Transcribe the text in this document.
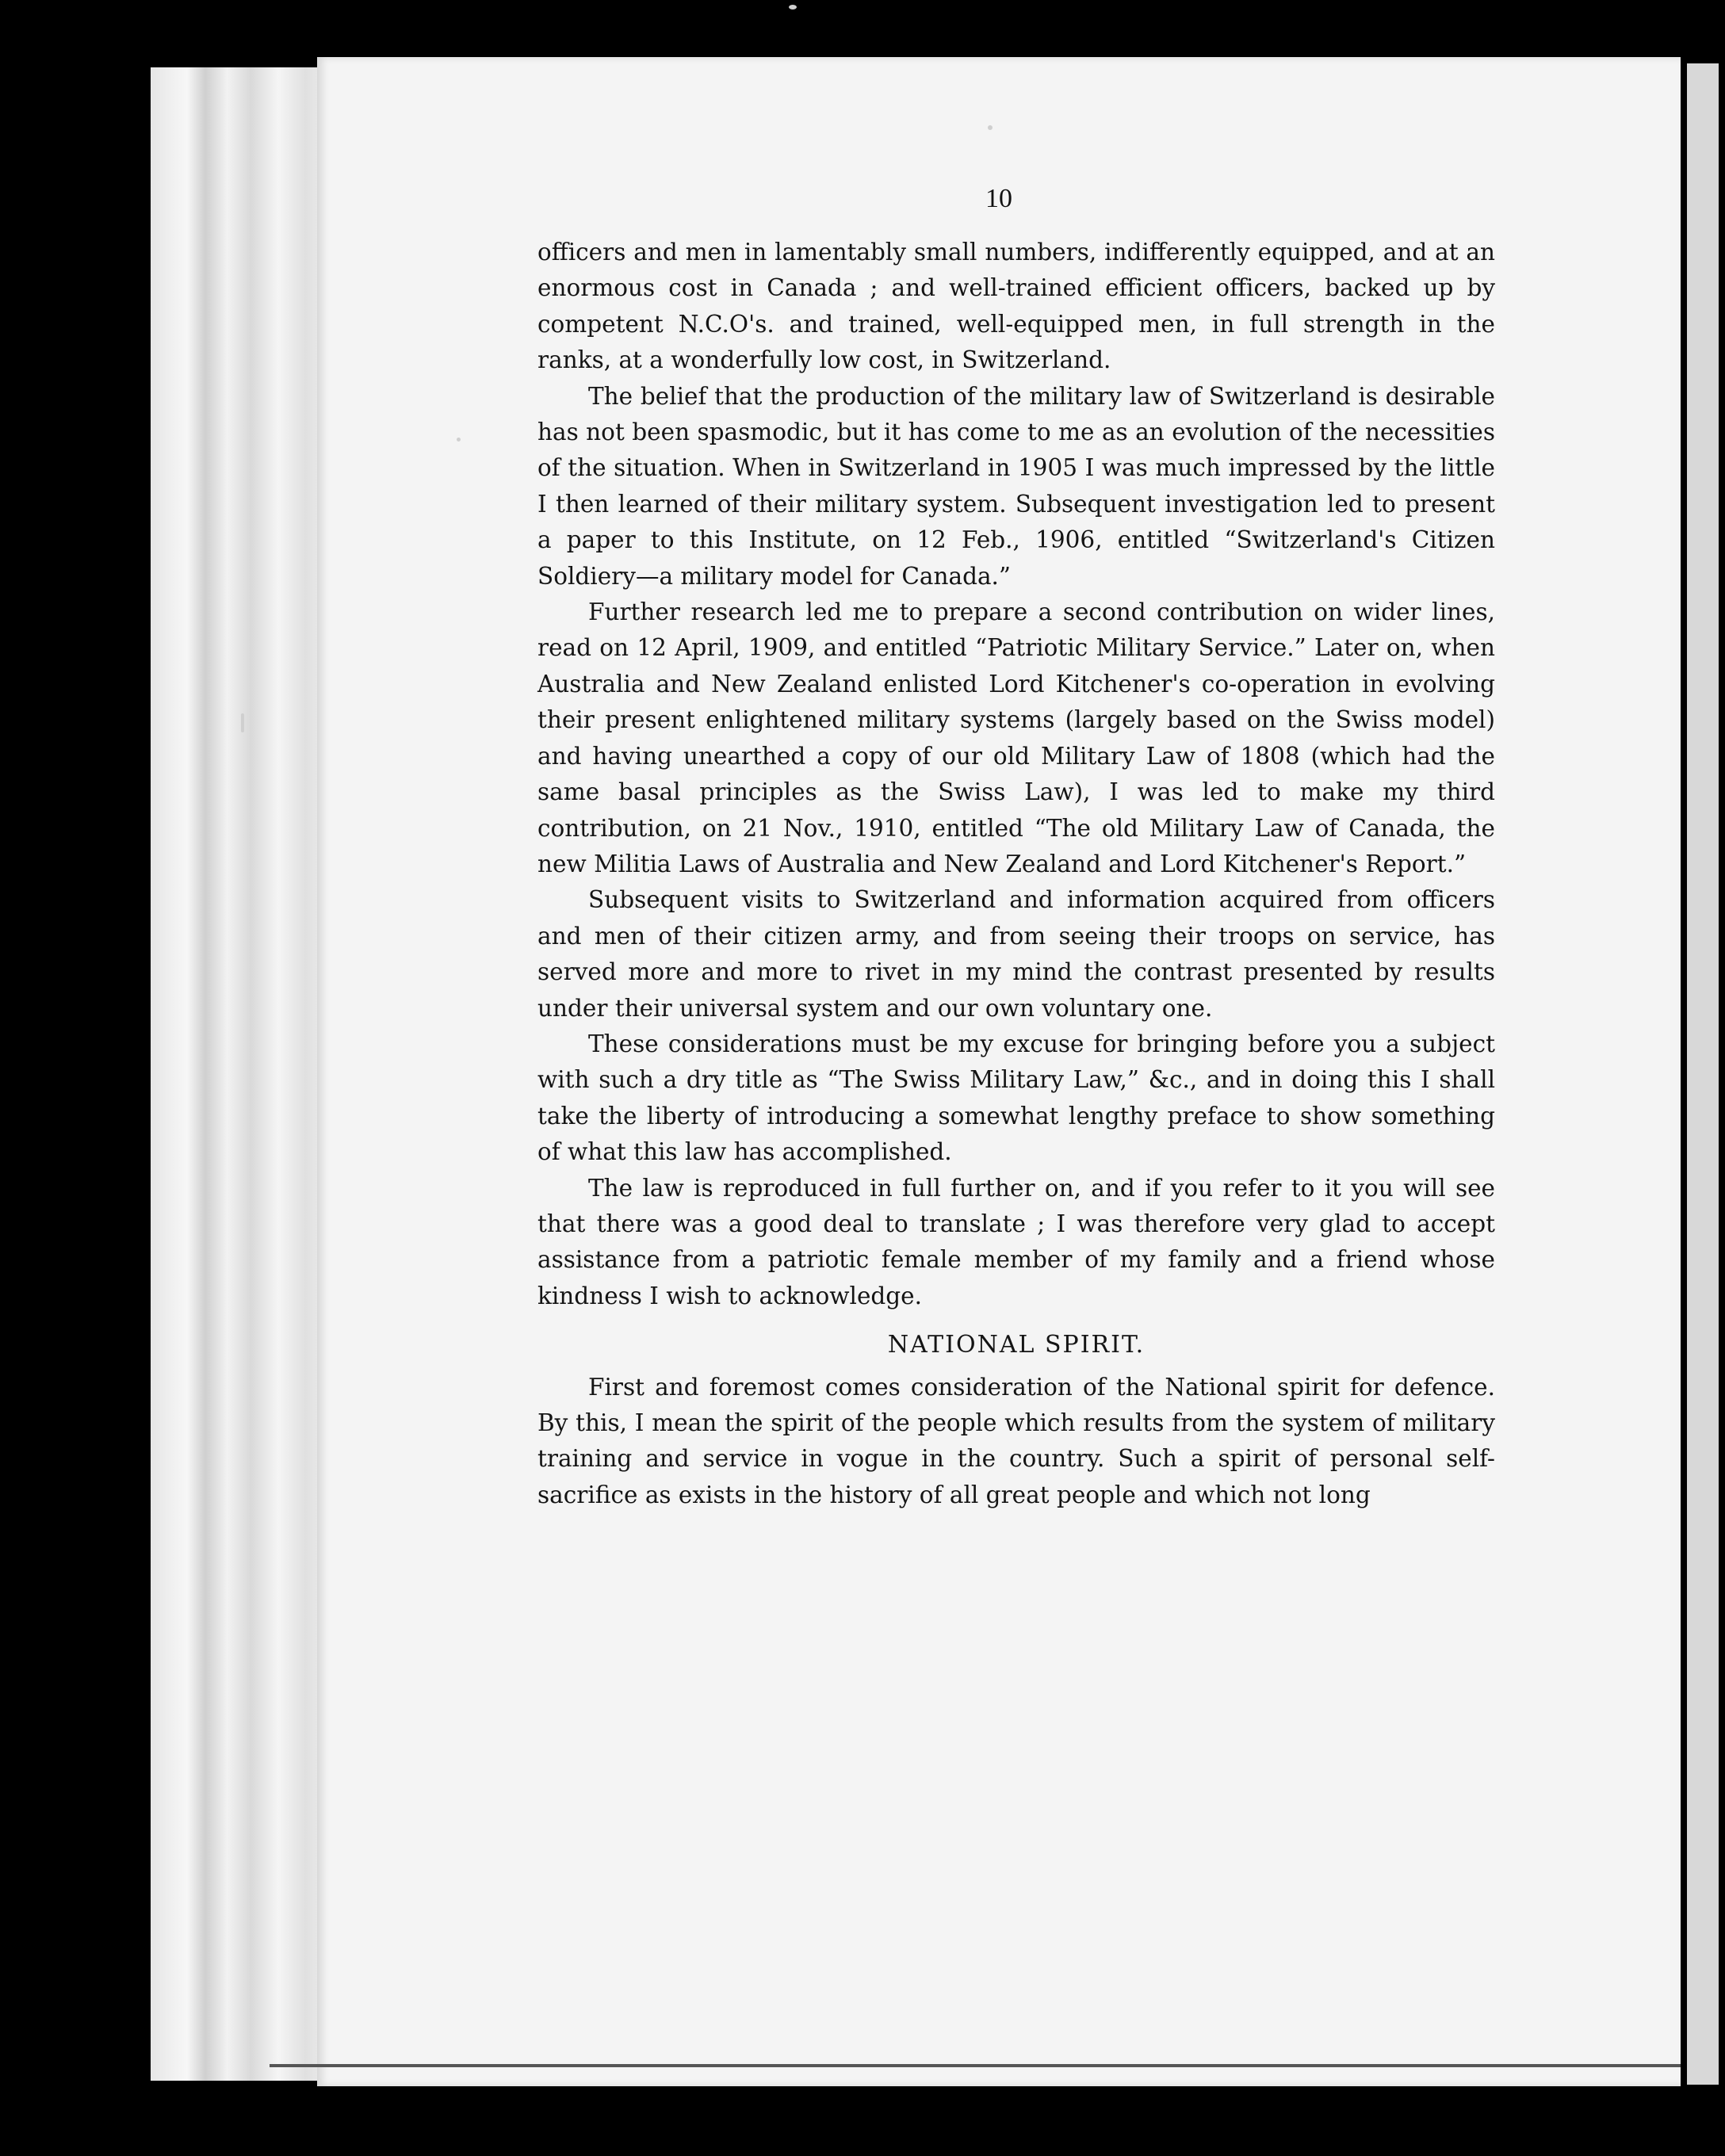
10

officers and men in lamentably small numbers, indifferently equipped, and at an enormous cost in Canada ; and well-trained efficient officers, backed up by competent N.C.O's. and trained, well-equipped men, in full strength in the ranks, at a wonderfully low cost, in Switzerland.

The belief that the production of the military law of Switzerland is desirable has not been spasmodic, but it has come to me as an evolution of the necessities of the situation. When in Switzerland in 1905 I was much impressed by the little I then learned of their military system. Subsequent investigation led to present a paper to this Institute, on 12 Feb., 1906, entitled “Switzerland's Citizen Soldiery—a military model for Canada.”

Further research led me to prepare a second contribution on wider lines, read on 12 April, 1909, and entitled “Patriotic Military Service.” Later on, when Australia and New Zealand enlisted Lord Kitchener's co-operation in evolving their present enlightened military systems (largely based on the Swiss model) and having unearthed a copy of our old Military Law of 1808 (which had the same basal principles as the Swiss Law), I was led to make my third contribution, on 21 Nov., 1910, entitled “The old Military Law of Canada, the new Militia Laws of Australia and New Zealand and Lord Kitchener's Report.”

Subsequent visits to Switzerland and information acquired from officers and men of their citizen army, and from seeing their troops on service, has served more and more to rivet in my mind the contrast presented by results under their universal system and our own voluntary one.

These considerations must be my excuse for bringing before you a subject with such a dry title as “The Swiss Military Law,” &c., and in doing this I shall take the liberty of introducing a somewhat lengthy preface to show something of what this law has accomplished.

The law is reproduced in full further on, and if you refer to it you will see that there was a good deal to translate ; I was therefore very glad to accept assistance from a patriotic female member of my family and a friend whose kindness I wish to acknowledge.

NATIONAL SPIRIT.

First and foremost comes consideration of the National spirit for defence. By this, I mean the spirit of the people which results from the system of military training and service in vogue in the country. Such a spirit of personal self-sacrifice as exists in the history of all great people and which not long
